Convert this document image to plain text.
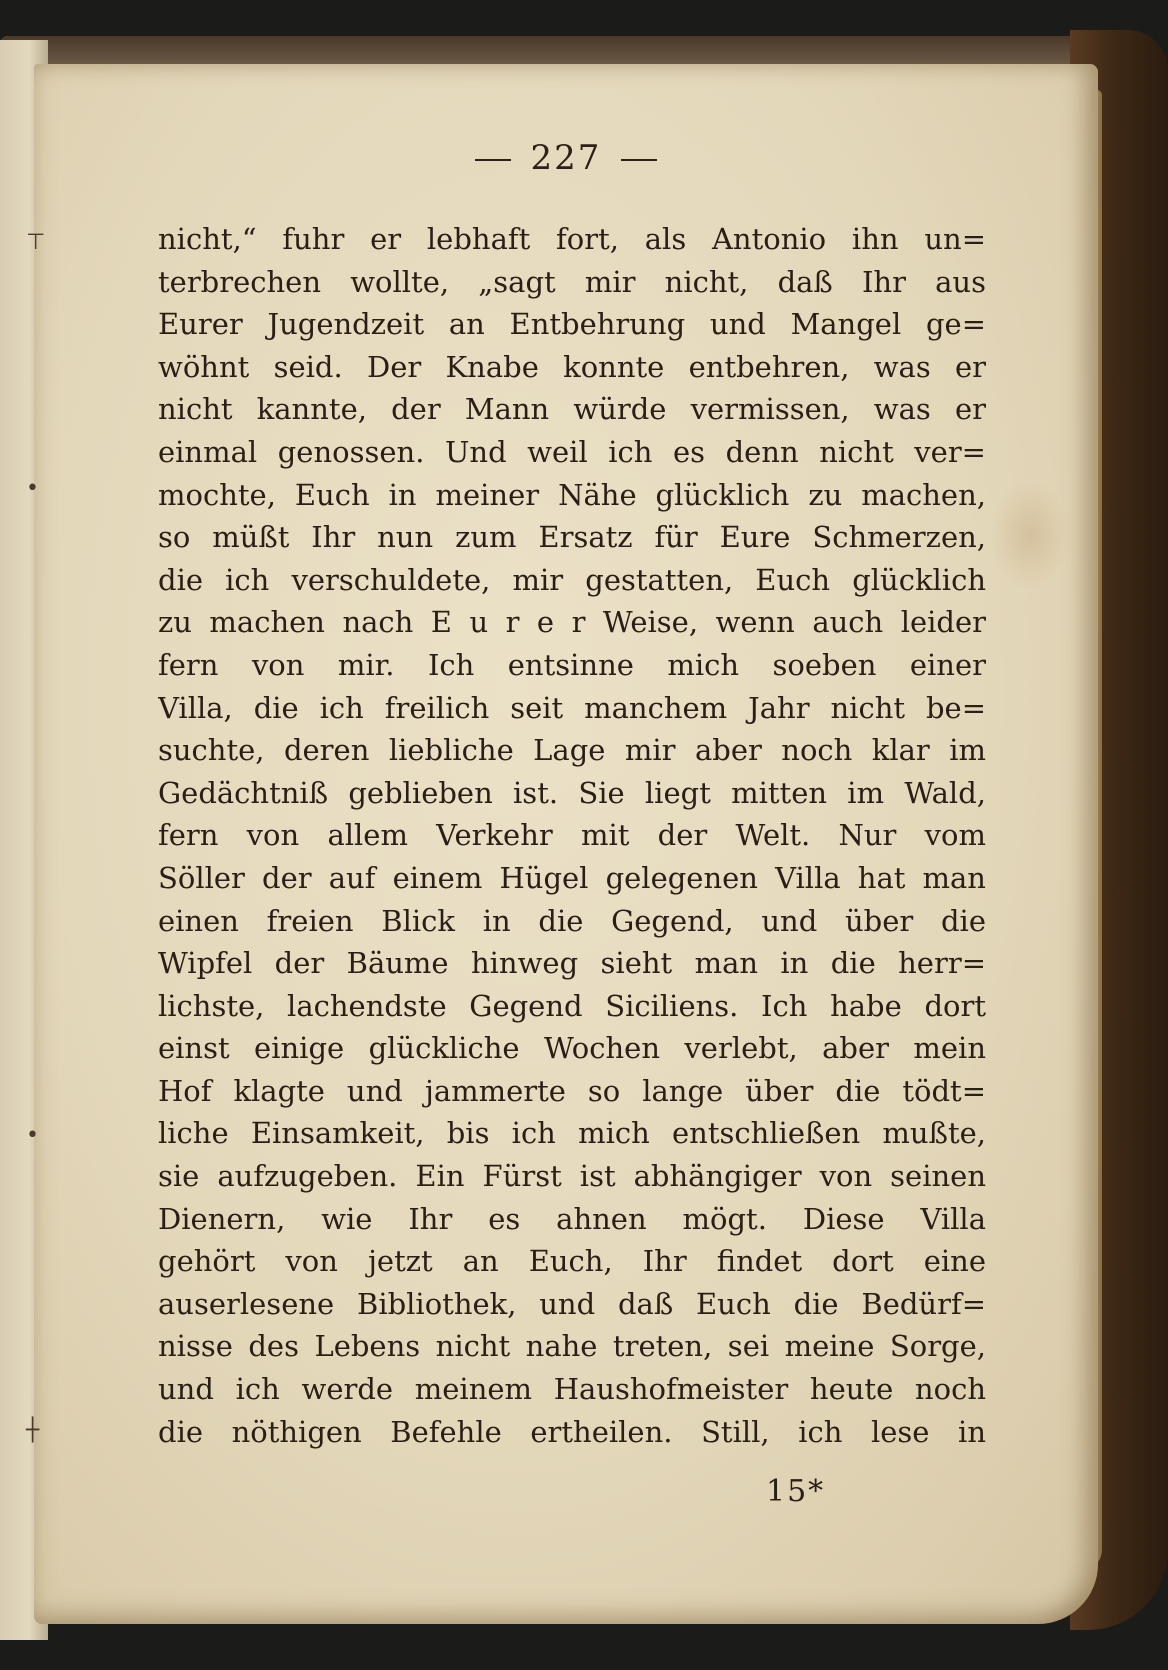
⊤
•
•
┼
227
nicht,“ fuhr er lebhaft fort, als Antonio ihn un=
terbrechen wollte, „sagt mir nicht, daß Ihr aus
Eurer Jugendzeit an Entbehrung und Mangel ge=
wöhnt seid. Der Knabe konnte entbehren, was er
nicht kannte, der Mann würde vermissen, was er
einmal genossen. Und weil ich es denn nicht ver=
mochte, Euch in meiner Nähe glücklich zu machen,
so müßt Ihr nun zum Ersatz für Eure Schmerzen,
die ich verschuldete, mir gestatten, Euch glücklich
zu machen nach E u r e r Weise, wenn auch leider
fern von mir. Ich entsinne mich soeben einer
Villa, die ich freilich seit manchem Jahr nicht be=
suchte, deren liebliche Lage mir aber noch klar im
Gedächtniß geblieben ist. Sie liegt mitten im Wald,
fern von allem Verkehr mit der Welt. Nur vom
Söller der auf einem Hügel gelegenen Villa hat man
einen freien Blick in die Gegend, und über die
Wipfel der Bäume hinweg sieht man in die herr=
lichste, lachendste Gegend Siciliens. Ich habe dort
einst einige glückliche Wochen verlebt, aber mein
Hof klagte und jammerte so lange über die tödt=
liche Einsamkeit, bis ich mich entschließen mußte,
sie aufzugeben. Ein Fürst ist abhängiger von seinen
Dienern, wie Ihr es ahnen mögt. Diese Villa
gehört von jetzt an Euch, Ihr findet dort eine
auserlesene Bibliothek, und daß Euch die Bedürf=
nisse des Lebens nicht nahe treten, sei meine Sorge,
und ich werde meinem Haushofmeister heute noch
die nöthigen Befehle ertheilen. Still, ich lese in
15*
